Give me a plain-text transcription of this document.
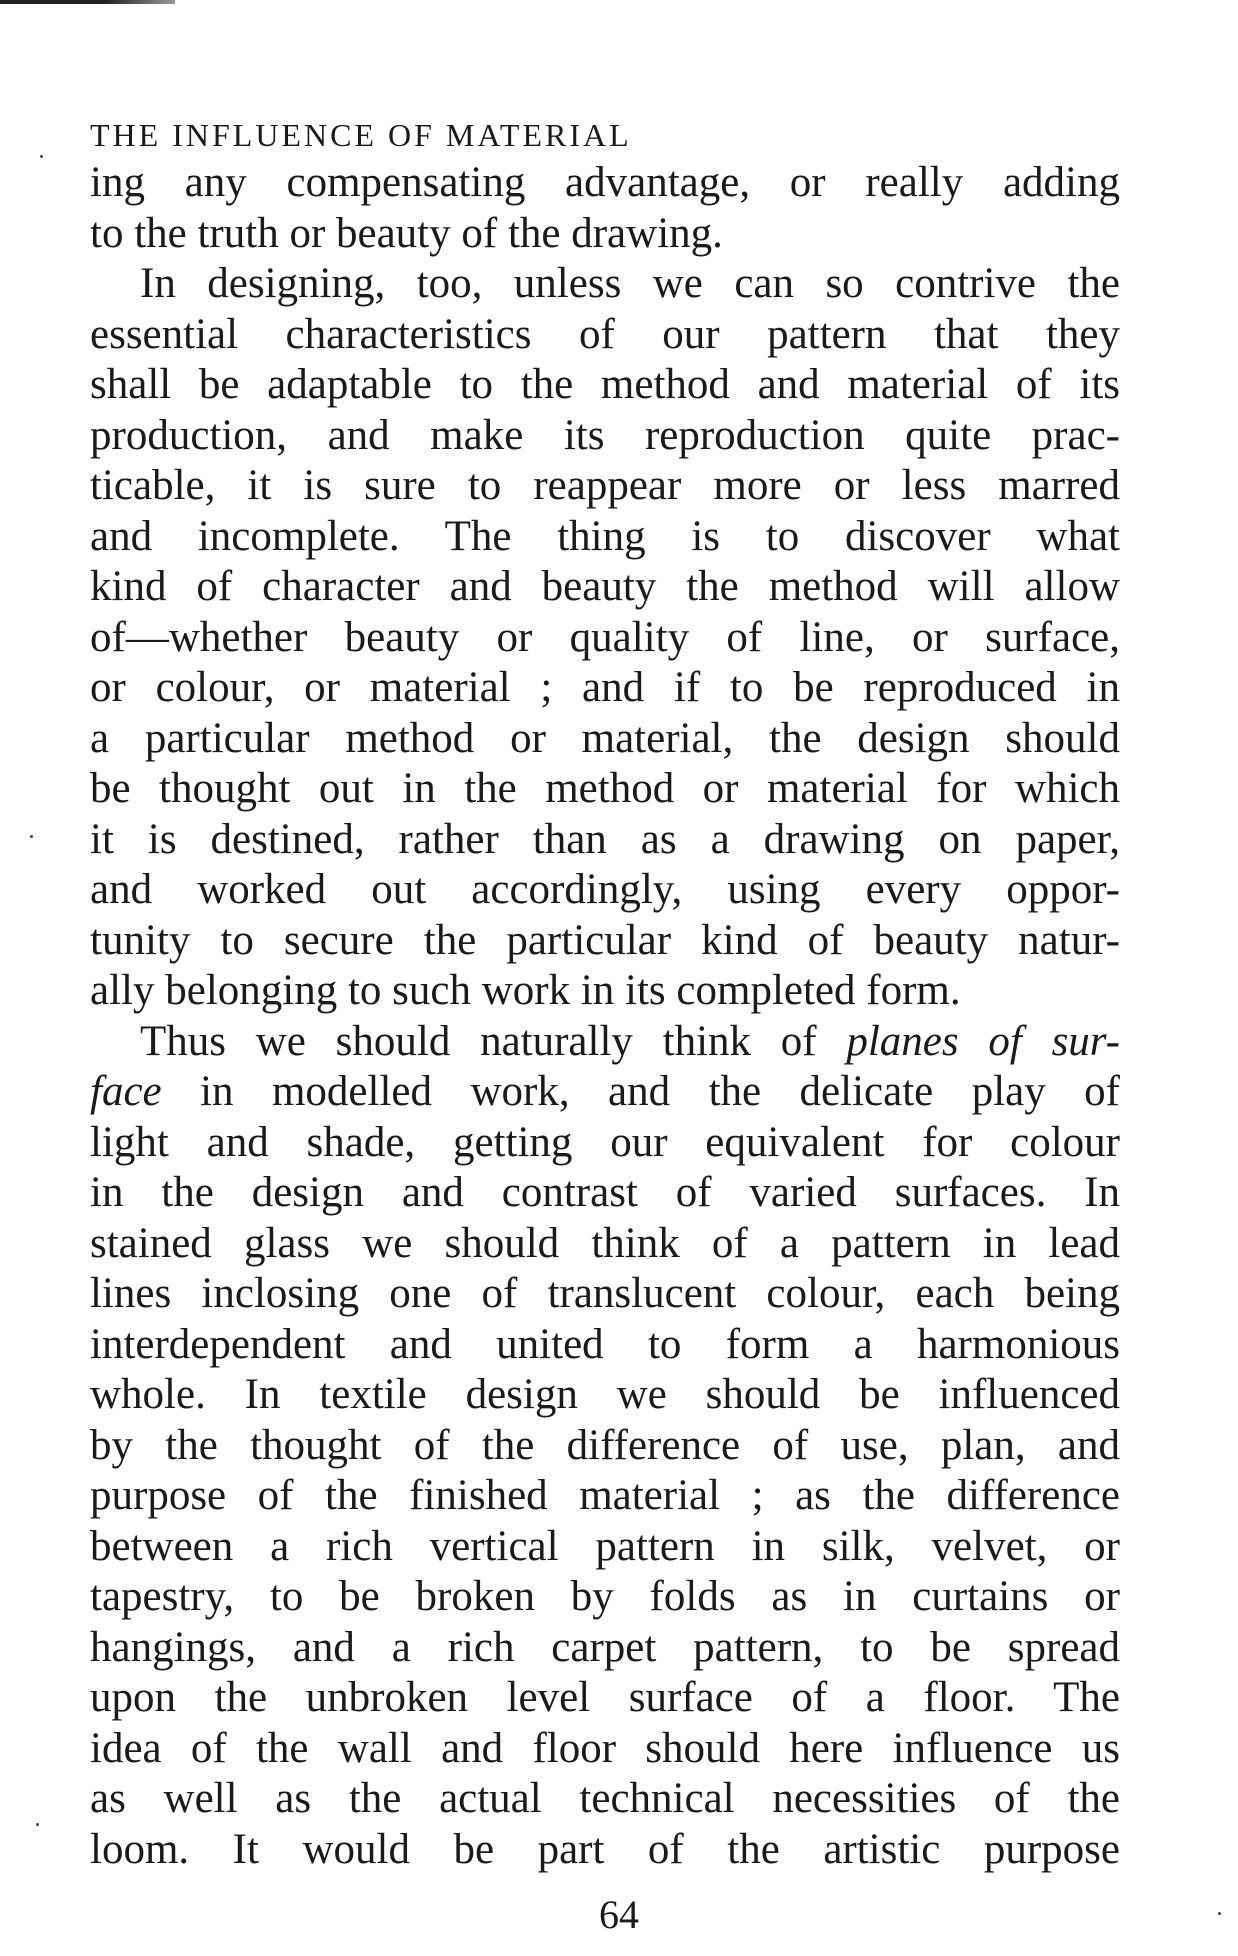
THE INFLUENCE OF MATERIAL
ing any compensating advantage, or really adding
to the truth or beauty of the drawing.
In designing, too, unless we can so contrive the
essential characteristics of our pattern that they
shall be adaptable to the method and material of its
production, and make its reproduction quite prac-
ticable, it is sure to reappear more or less marred
and incomplete. The thing is to discover what
kind of character and beauty the method will allow
of—whether beauty or quality of line, or surface,
or colour, or material ; and if to be reproduced in
a particular method or material, the design should
be thought out in the method or material for which
it is destined, rather than as a drawing on paper,
and worked out accordingly, using every oppor-
tunity to secure the particular kind of beauty natur-
ally belonging to such work in its completed form.
Thus we should naturally think of planes of sur-
face in modelled work, and the delicate play of
light and shade, getting our equivalent for colour
in the design and contrast of varied surfaces. In
stained glass we should think of a pattern in lead
lines inclosing one of translucent colour, each being
interdependent and united to form a harmonious
whole. In textile design we should be influenced
by the thought of the difference of use, plan, and
purpose of the finished material ; as the difference
between a rich vertical pattern in silk, velvet, or
tapestry, to be broken by folds as in curtains or
hangings, and a rich carpet pattern, to be spread
upon the unbroken level surface of a floor. The
idea of the wall and floor should here influence us
as well as the actual technical necessities of the
loom. It would be part of the artistic purpose
64
